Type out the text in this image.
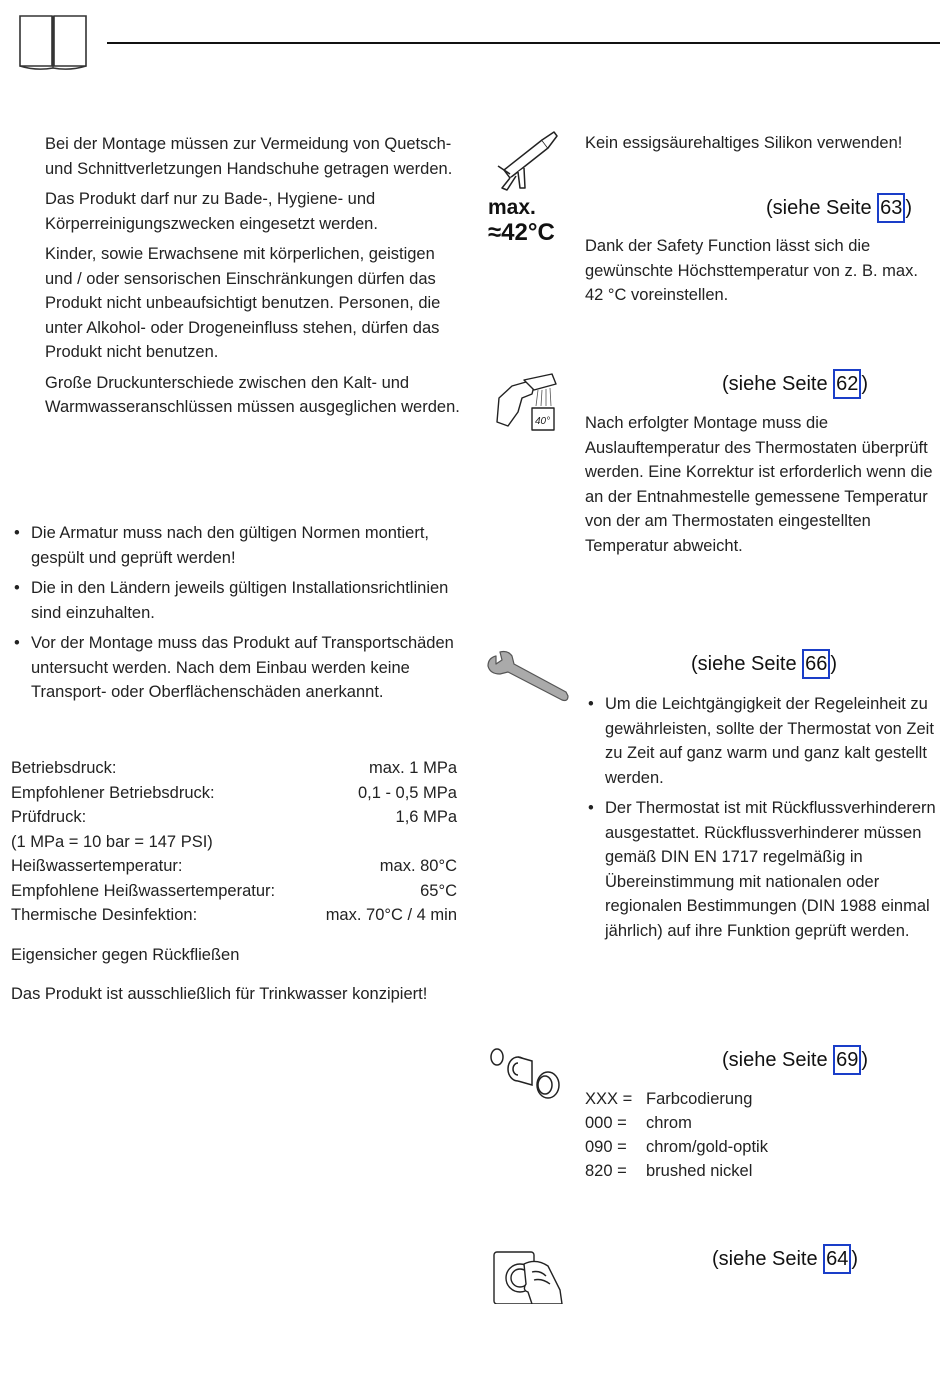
Bei der Montage müssen zur Vermeidung von Quetsch- und Schnittverletzungen Handschuhe getragen werden.

Das Produkt darf nur zu Bade-, Hygiene- und Körperreinigungszwecken eingesetzt werden.

Kinder, sowie Erwachsene mit körperlichen, geistigen und / oder sensorischen Einschränkungen dürfen das Produkt nicht unbeaufsichtigt benutzen. Personen, die unter Alkohol- oder Drogeneinfluss stehen, dürfen das Produkt nicht benutzen.

Große Druckunterschiede zwischen den Kalt- und Warmwasseranschlüssen müssen ausgeglichen werden.

• Die Armatur muss nach den gültigen Normen montiert, gespült und geprüft werden!
• Die in den Ländern jeweils gültigen Installationsrichtlinien sind einzuhalten.
• Vor der Montage muss das Produkt auf Transportschäden untersucht werden. Nach dem Einbau werden keine Transport- oder Oberflächenschäden anerkannt.
Betriebsdruck:	max. 1 MPa
Empfohlener Betriebsdruck:	0,1 - 0,5 MPa
Prüfdruck:	1,6 MPa
(1 MPa = 10 bar = 147 PSI)
Heißwassertemperatur:	max. 80°C
Empfohlene Heißwassertemperatur:	65°C
Thermische Desinfektion:	max. 70°C / 4 min

Eigensicher gegen Rückfließen

Das Produkt ist ausschließlich für Trinkwasser konzipiert!

Kein essigsäurehaltiges Silikon verwenden!
max.
≈42°C
(siehe Seite 63 )

Dank der Safety Function lässt sich die gewünschte Höchsttemperatur von z. B. max. 42 °C voreinstellen.

40°
(siehe Seite 62 )

Nach erfolgter Montage muss die Auslauftemperatur des Thermostaten überprüft werden. Eine Korrektur ist erforderlich wenn die an der Entnahmestelle gemessene Temperatur von der am Thermostaten eingestellten Temperatur abweicht.

(siehe Seite 66 )
• Um die Leichtgängigkeit der Regeleinheit zu gewährleisten, sollte der Thermostat von Zeit zu Zeit auf ganz warm und ganz kalt gestellt werden.
• Der Thermostat ist mit Rückflussverhinderern ausgestattet. Rückflussverhinderer müssen gemäß DIN EN 1717 regelmäßig in Übereinstimmung mit nationalen oder regionalen Bestimmungen (DIN 1988 einmal jährlich) auf ihre Funktion geprüft werden.
(siehe Seite 69 )
XXX = Farbcodierung
000 = chrom
090 = chrom/gold-optik
820 = brushed nickel
(siehe Seite 64 )
